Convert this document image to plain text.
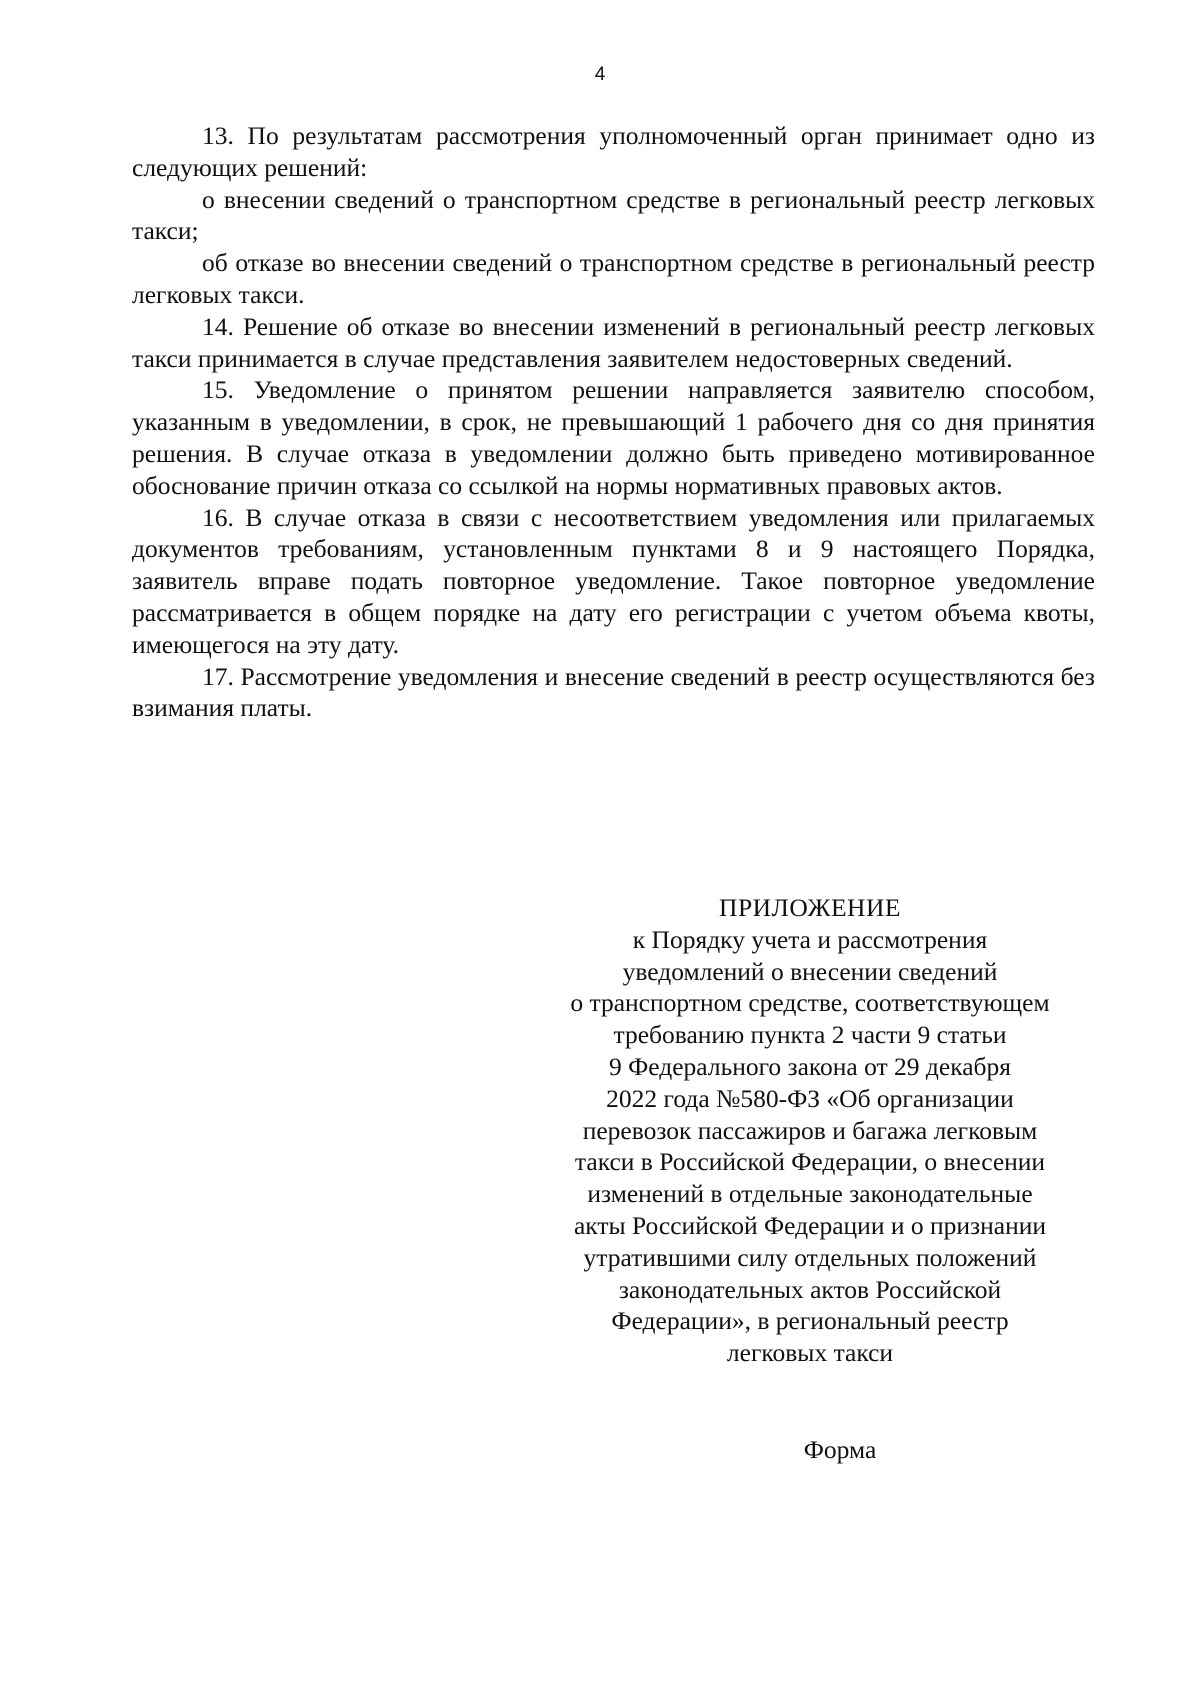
4

13. По результатам рассмотрения уполномоченный орган принимает одно из следующих решений:

о внесении сведений о транспортном средстве в региональный реестр легковых такси;

об отказе во внесении сведений о транспортном средстве в региональный реестр легковых такси.

14. Решение об отказе во внесении изменений в региональный реестр легковых такси принимается в случае представления заявителем недостоверных сведений.

15. Уведомление о принятом решении направляется заявителю способом, указанным в уведомлении, в срок, не превышающий 1 рабочего дня со дня принятия решения. В случае отказа в уведомлении должно быть приведено мотивированное обоснование причин отказа со ссылкой на нормы нормативных правовых актов.

16. В случае отказа в связи с несоответствием уведомления или прилагаемых документов требованиям, установленным пунктами 8 и 9 настоящего Порядка, заявитель вправе подать повторное уведомление. Такое повторное уведомление рассматривается в общем порядке на дату его регистрации с учетом объема квоты, имеющегося на эту дату.

17. Рассмотрение уведомления и внесение сведений в реестр осуществляются без взимания платы.

ПРИЛОЖЕНИЕ

к Порядку учета и рассмотрения

уведомлений о внесении сведений

о транспортном средстве, соответствующем

требованию пункта 2 части 9 статьи

9 Федерального закона от 29 декабря

2022 года №580-ФЗ «Об организации

перевозок пассажиров и багажа легковым

такси в Российской Федерации, о внесении

изменений в отдельные законодательные

акты Российской Федерации и о признании

утратившими силу отдельных положений

законодательных актов Российской

Федерации», в региональный реестр

легковых такси

Форма
